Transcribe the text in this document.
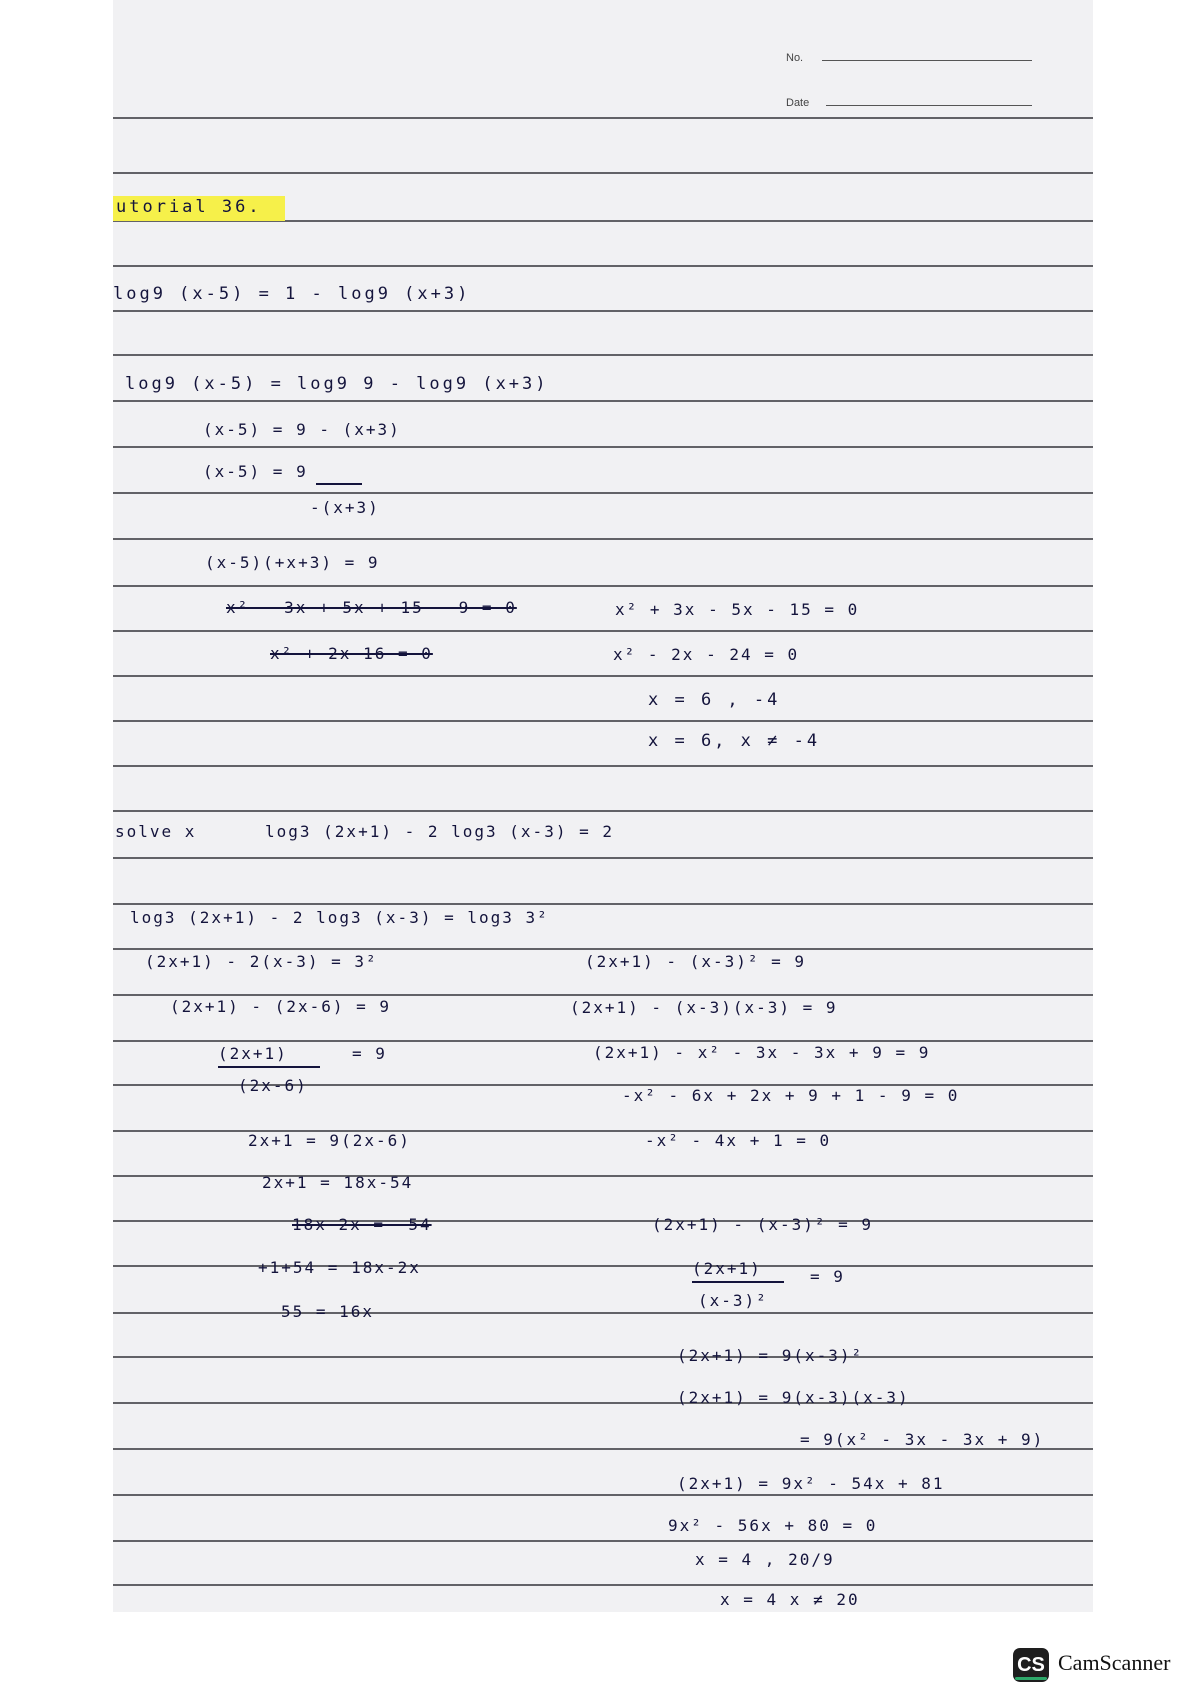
No.
Date
utorial 36.
log9 (x-5) = 1 - log9 (x+3)
log9 (x-5) = log9 9 - log9 (x+3)
(x-5) = 9 - (x+3)
(x-5) = 9
-(x+3)
(x-5)(+x+3) = 9
x² - 3x + 5x + 15 - 9 = 0
x² + 2x 16 = 0
x² + 3x - 5x - 15 = 0
x² - 2x - 24 = 0
x = 6 , -4
x = 6, x ≠ -4
solve x	log3 (2x+1) - 2 log3 (x-3) = 2
log3 (2x+1) - 2 log3 (x-3) = log3 3²
(2x+1) - 2(x-3) = 3²
(2x+1) - (2x-6) = 9
(2x+1)	= 9
(2x-6)
2x+1 = 9(2x-6)
2x+1 = 18x-54
18x-2x = -54
+1+54 = 18x-2x
55 = 16x
(2x+1) - (x-3)² = 9
(2x+1) - (x-3)(x-3) = 9
(2x+1) - x² - 3x - 3x + 9 = 9
-x² - 6x + 2x + 9 + 1 - 9 = 0
-x² - 4x + 1 = 0
(2x+1) - (x-3)² = 9
(2x+1)	= 9
(x-3)²
(2x+1) = 9(x-3)²
(2x+1) = 9(x-3)(x-3)
= 9(x² - 3x - 3x + 9)
(2x+1) = 9x² - 54x + 81
9x² - 56x + 80 = 0
x = 4 , 20/9
x = 4 x ≠ 20
CS CamScanner
